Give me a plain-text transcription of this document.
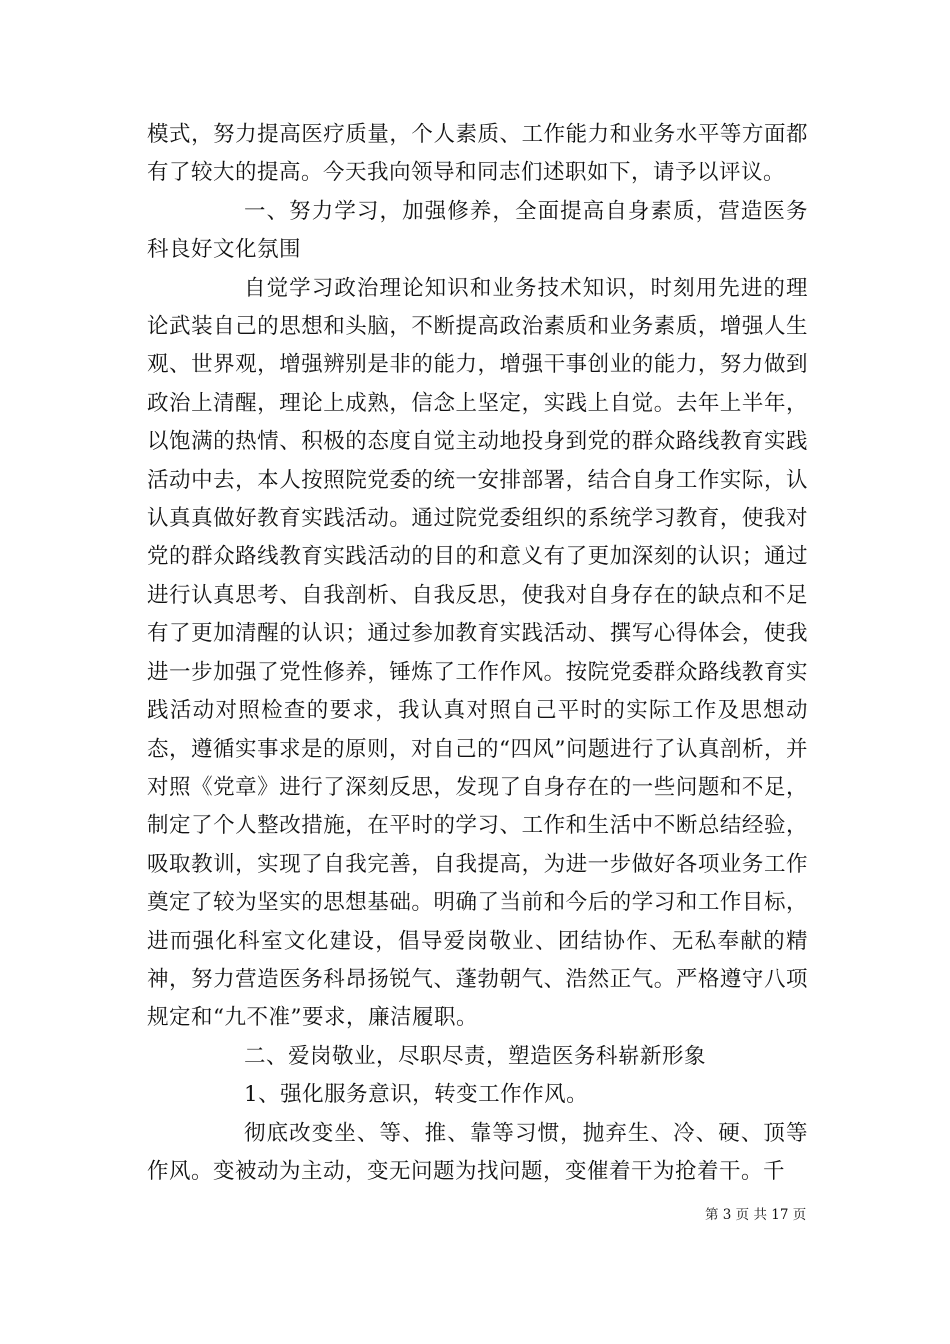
模式，努力提高医疗质量，个人素质、工作能力和业务水平等方面都有了较大的提高。今天我向领导和同志们述职如下，请予以评议。

一、努力学习，加强修养，全面提高自身素质，营造医务科良好文化氛围

自觉学习政治理论知识和业务技术知识，时刻用先进的理论武装自己的思想和头脑，不断提高政治素质和业务素质，增强人生观、世界观，增强辨别是非的能力，增强干事创业的能力，努力做到政治上清醒，理论上成熟，信念上坚定，实践上自觉。去年上半年，以饱满的热情、积极的态度自觉主动地投身到党的群众路线教育实践活动中去，本人按照院党委的统一安排部署，结合自身工作实际，认认真真做好教育实践活动。通过院党委组织的系统学习教育，使我对党的群众路线教育实践活动的目的和意义有了更加深刻的认识；通过进行认真思考、自我剖析、自我反思，使我对自身存在的缺点和不足有了更加清醒的认识；通过参加教育实践活动、撰写心得体会，使我进一步加强了党性修养，锤炼了工作作风。按院党委群众路线教育实践活动对照检查的要求，我认真对照自己平时的实际工作及思想动态，遵循实事求是的原则，对自己的“四风”问题进行了认真剖析，并对照《党章》进行了深刻反思，发现了自身存在的一些问题和不足，制定了个人整改措施，在平时的学习、工作和生活中不断总结经验，吸取教训，实现了自我完善，自我提高，为进一步做好各项业务工作奠定了较为坚实的思想基础。明确了当前和今后的学习和工作目标，进而强化科室文化建设，倡导爱岗敬业、团结协作、无私奉献的精神，努力营造医务科昂扬锐气、蓬勃朝气、浩然正气。严格遵守八项规定和“九不准”要求，廉洁履职。

二、爱岗敬业，尽职尽责，塑造医务科崭新形象

1、强化服务意识，转变工作作风。

彻底改变坐、等、推、靠等习惯，抛弃生、冷、硬、顶等作风。变被动为主动，变无问题为找问题，变催着干为抢着干。千

第 3 页 共 17 页
